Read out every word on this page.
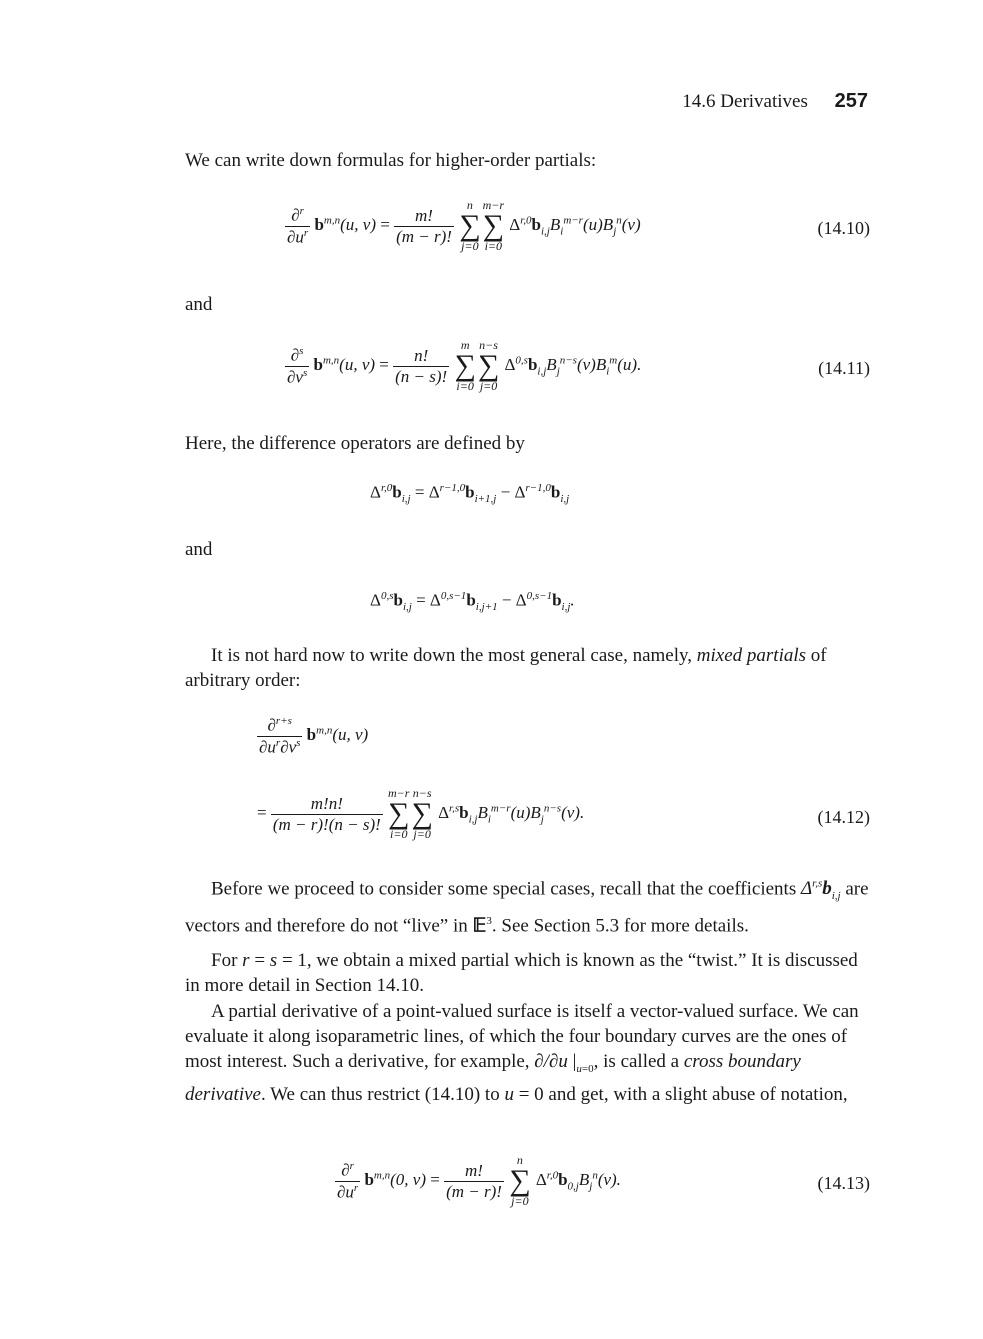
14.6 Derivatives 257
We can write down formulas for higher-order partials:
$\frac{\partial^r}{\partial u^r} b^{m,n}(u$, $v) = \frac{m!}{(m - r)!}$

n
∑
j=0
m−r
∑
i=0
$\Delta^{r,0}b_{i,j}B_i^{m-r}(u)B_j^n(v)$	(14.10)
and
$\frac{\partial^s}{\partial v^s} b^{m,n}(u$, $v) = \frac{n!}{(n - s)!}$

m
∑
i=0
n−s
∑
j=0
$\Delta^{0,s}b_{i,j}B_j^{n-s}(v)B_i^m(u)$.	(14.11)
Here, the difference operators are defined by
$\Delta^{r,0}b_{i,j} = \Delta^{r-1,0}b_{i+1,j} - \Delta^{r-1,0}b_{i,j}$
and
$\Delta^{0,s}b_{i,j} = \Delta^{0,s-1}b_{i,j+1} - \Delta^{0,s-1}b_{i,j}$.
It is not hard now to write down the most general case, namely, mixed partials of arbitrary order:
$\frac{\partial^{r+s}}{\partial u^r\partial v^s} b^{m,n}(u$, v)
= $\frac{m!n!}{(m - r)!(n - s)!}$

m−r
∑
i=0
n−s
∑
j=0
$\Delta^{r,s}b_{i,j}B_i^{m-r}(u)B_j^{n-s}(v)$.	(14.12)
Before we proceed to consider some special cases, recall that the coefficients $\Delta^{r,s}b_{i,j}$ are vectors and therefore do not “live” in 𝔼$^3$. See Section 5.3 for more details.
For r = s = 1, we obtain a mixed partial which is known as the “twist.” It is discussed in more detail in Section 14.10.
A partial derivative of a point-valued surface is itself a vector-valued surface. We can evaluate it along isoparametric lines, of which the four boundary curves are the ones of most interest. Such a derivative, for example, ∂/∂u $|_{u=0}$, is called a cross boundary derivative. We can thus restrict (14.10) to u = 0 and get, with a slight abuse of notation,
$\frac{\partial^r}{\partial u^r} b^{m,n}(0$, $v) = \frac{m!}{(m - r)!}$

n
∑
j=0
$\Delta^{r,0}b_{0,j}B_j^n(v)$.	(14.13)
